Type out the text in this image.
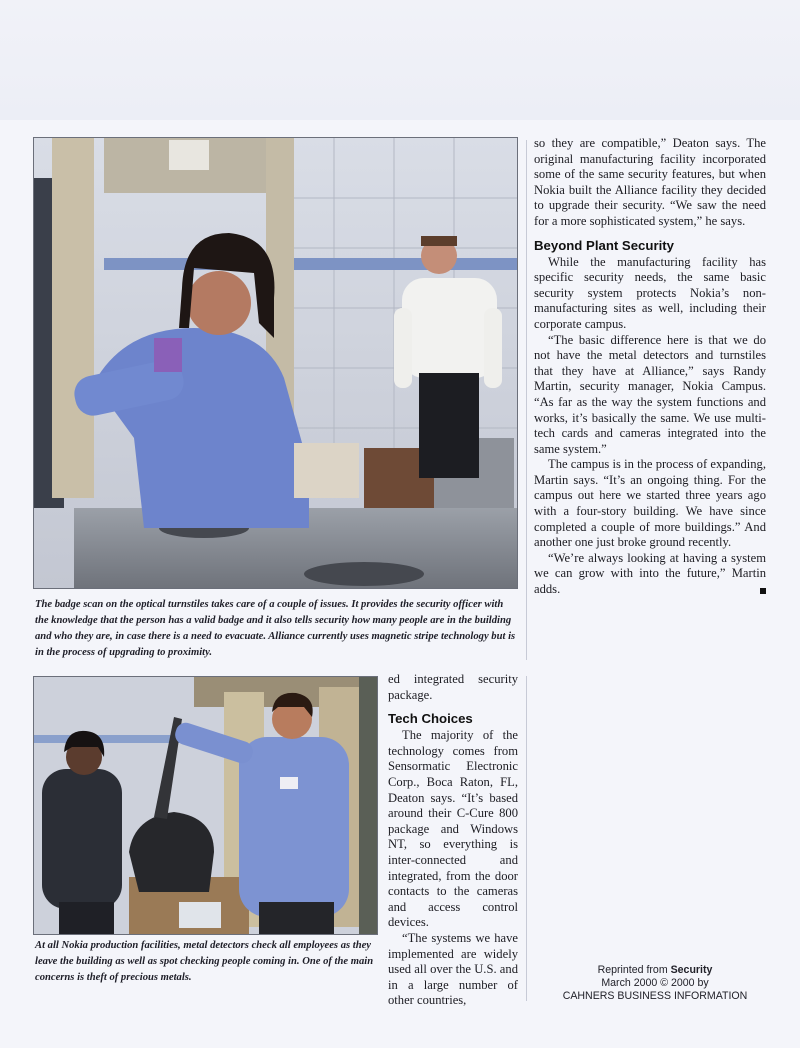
The badge scan on the optical turnstiles takes care of a couple of issues. It provides the security officer with the knowledge that the person has a valid badge and it also tells security how many people are in the building and who they are, in case there is a need to evacuate. Alliance currently uses magnetic stripe technology but is in the process of upgrading to proximity.

At all Nokia production facilities, metal detectors check all employees as they leave the building as well as spot checking people coming in. One of the main concerns is theft of precious metals.

ed integrated security package.

Tech Choices

The majority of the technology comes from Sensormatic Electronic Corp., Boca Raton, FL, Deaton says. “It’s based around their C-Cure 800 package and Windows NT, so everything is inter-connected and integrated, from the door contacts to the cameras and access control devices.

“The systems we have implemented are widely used all over the U.S. and in a large number of other countries,

so they are compatible,” Deaton says. The original manufacturing facility incorporated some of the same security features, but when Nokia built the Alliance facility they decided to upgrade their security. “We saw the need for a more sophisticated system,” he says.

Beyond Plant Security

While the manufacturing facility has specific security needs, the same basic security system protects Nokia’s non-manufacturing sites as well, including their corporate campus.

“The basic difference here is that we do not have the metal detectors and turnstiles that they have at Alliance,” says Randy Martin, security manager, Nokia Campus. “As far as the way the system functions and works, it’s basically the same. We use multi-tech cards and cameras integrated into the same system.”

The campus is in the process of expanding, Martin says. “It’s an ongoing thing. For the campus out here we started three years ago with a four-story building. We have since completed a couple of more buildings.” And another one just broke ground recently.

“We’re always looking at having a system we can grow with into the future,” Martin adds.

Reprinted from Security
March 2000 © 2000 by
CAHNERS BUSINESS INFORMATION
